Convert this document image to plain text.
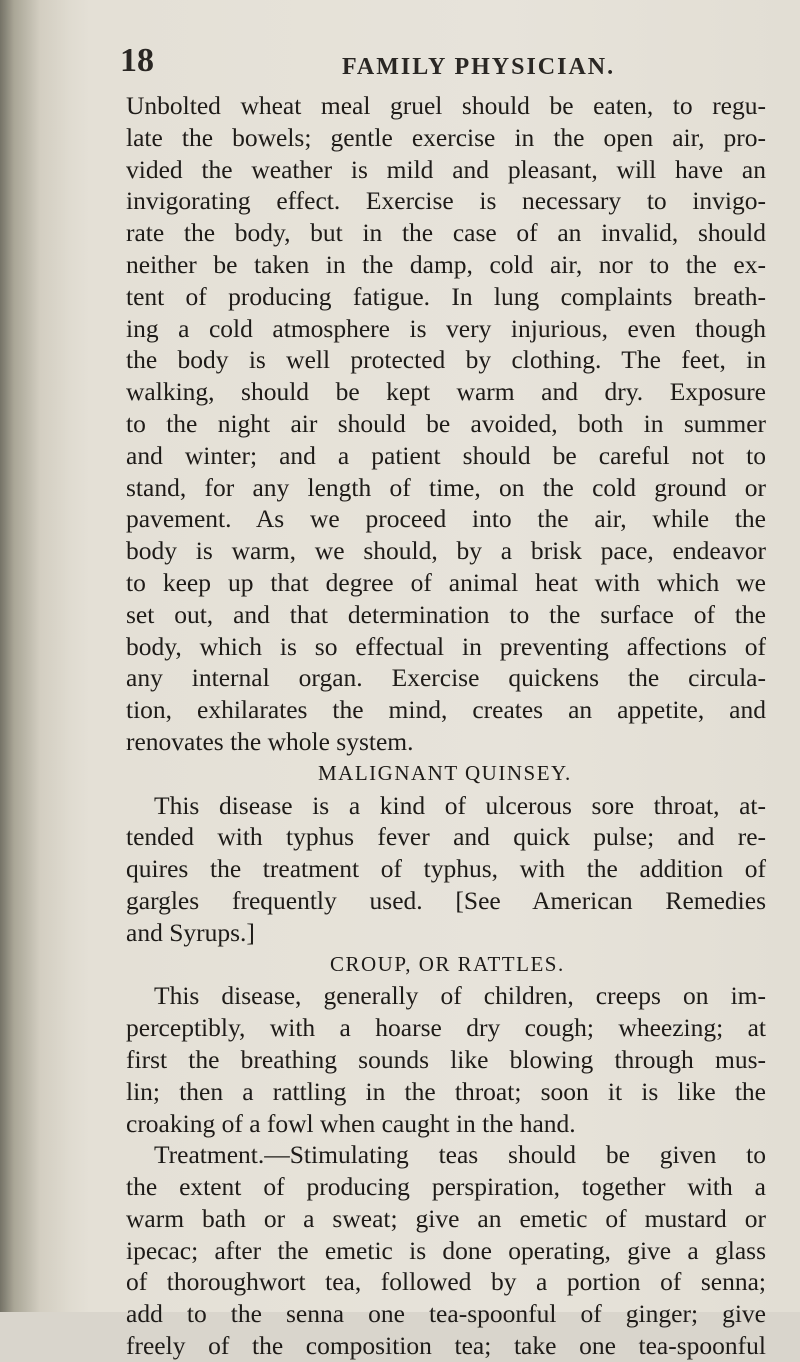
18	FAMILY PHYSICIAN.
Unbolted wheat meal gruel should be eaten, to regu-
late the bowels; gentle exercise in the open air, pro-
vided the weather is mild and pleasant, will have an
invigorating effect. Exercise is necessary to invigo-
rate the body, but in the case of an invalid, should
neither be taken in the damp, cold air, nor to the ex-
tent of producing fatigue. In lung complaints breath-
ing a cold atmosphere is very injurious, even though
the body is well protected by clothing. The feet, in
walking, should be kept warm and dry. Exposure
to the night air should be avoided, both in summer
and winter; and a patient should be careful not to
stand, for any length of time, on the cold ground or
pavement. As we proceed into the air, while the
body is warm, we should, by a brisk pace, endeavor
to keep up that degree of animal heat with which we
set out, and that determination to the surface of the
body, which is so effectual in preventing affections of
any internal organ. Exercise quickens the circula-
tion, exhilarates the mind, creates an appetite, and
renovates the whole system.
MALIGNANT QUINSEY.
This disease is a kind of ulcerous sore throat, at-
tended with typhus fever and quick pulse; and re-
quires the treatment of typhus, with the addition of
gargles frequently used. [See American Remedies
and Syrups.]
CROUP, OR RATTLES.
This disease, generally of children, creeps on im-
perceptibly, with a hoarse dry cough; wheezing; at
first the breathing sounds like blowing through mus-
lin; then a rattling in the throat; soon it is like the
croaking of a fowl when caught in the hand.
Treatment.—Stimulating teas should be given to
the extent of producing perspiration, together with a
warm bath or a sweat; give an emetic of mustard or
ipecac; after the emetic is done operating, give a glass
of thoroughwort tea, followed by a portion of senna;
add to the senna one tea-spoonful of ginger; give
freely of the composition tea; take one tea-spoonful
